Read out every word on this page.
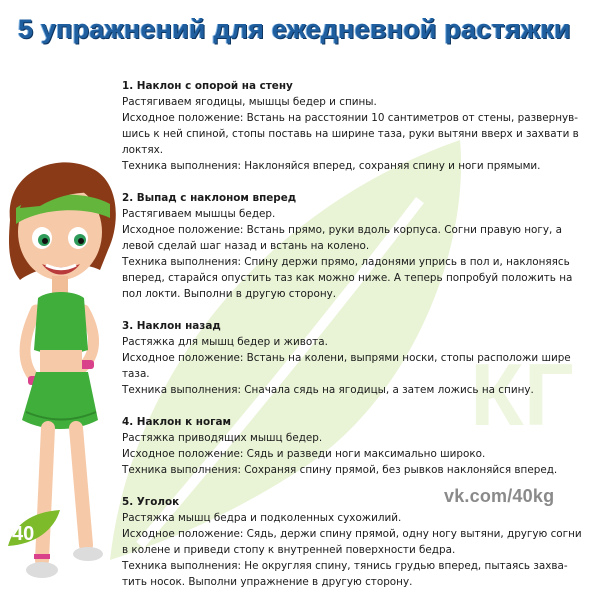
КГ
5 упражнений для ежедневной растяжки

1. Наклон с опорой на стену

Растягиваем ягодицы, мышцы бедер и спины.

Исходное положение: Встань на расстоянии 10 сантиметров от стены, развернув-шись к ней спиной, стопы поставь на ширине таза, руки вытяни вверх и захвати в локтях.

Техника выполнения: Наклоняйся вперед, сохраняя спину и ноги прямыми.

2. Выпад с наклоном вперед

Растягиваем мышцы бедер.

Исходное положение: Встань прямо, руки вдоль корпуса. Согни правую ногу, а левой сделай шаг назад и встань на колено.

Техника выполнения: Спину держи прямо, ладонями упрись в пол и, наклоняясь вперед, старайся опустить таз как можно ниже. А теперь попробуй положить на пол локти. Выполни в другую сторону.

3. Наклон назад

Растяжка для мышц бедер и живота.

Исходное положение: Встань на колени, выпрями носки, стопы расположи шире таза.

Техника выполнения: Сначала сядь на ягодицы, а затем ложись на спину.

4. Наклон к ногам

Растяжка приводящих мышц бедер.

Исходное положение: Сядь и разведи ноги максимально широко.

Техника выполнения: Сохраняя спину прямой, без рывков наклоняйся вперед.

5. Уголок

Растяжка мышц бедра и подколенных сухожилий.

Исходное положение: Сядь, держи спину прямой, одну ногу вытяни, другую согни в колене и приведи стопу к внутренней поверхности бедра.

Техника выполнения: Не округляя спину, тянись грудью вперед, пытаясь захва-тить носок. Выполни упражнение в другую сторону.

vk.com/40kg
40
